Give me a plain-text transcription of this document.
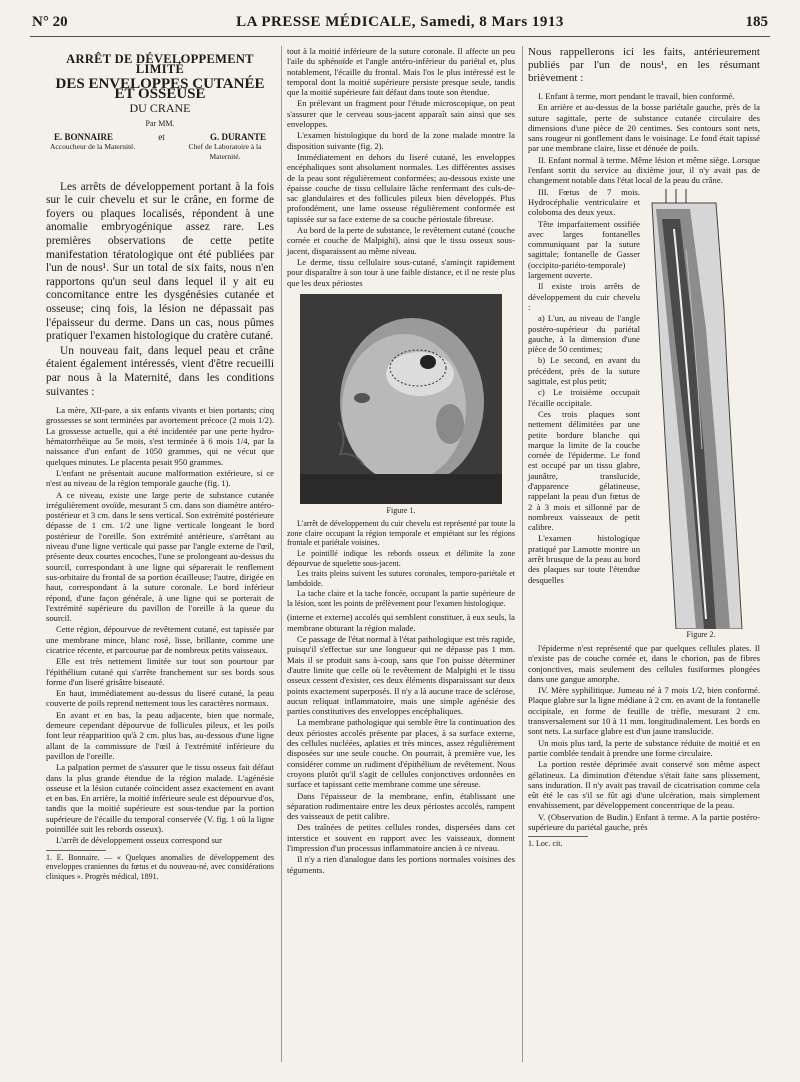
N° 20	LA PRESSE MÉDICALE, Samedi, 8 Mars 1913	185
ARRÊT DE DÉVELOPPEMENT LIMITÉ
DES ENVELOPPES CUTANÉE ET OSSEUSE
DU CRANE
Par MM.
E. BONNAIRE	et	G. DURANTE
Accoucheur de la Maternité.	Chef de Laboratoire à la Maternité.

Les arrêts de développement portant à la fois sur le cuir chevelu et sur le crâne, en forme de foyers ou plaques localisés, répondent à une anomalie embryogénique assez rare. Les premières observations de cette petite manifestation tératologique ont été publiées par l'un de nous¹. Sur un total de six faits, nous n'en rapportons qu'un seul dans lequel il y ait eu concomitance entre les dysgénésies cutanée et osseuse; cinq fois, la lésion ne dépassait pas l'épaisseur du derme. Dans un cas, nous pûmes pratiquer l'examen histologique du cratère cutané.

Un nouveau fait, dans lequel peau et crâne étaient également intéressés, vient d'être recueilli par nous à la Maternité, dans les conditions suivantes :

La mère, XII-pare, a six enfants vivants et bien portants; cinq grossesses se sont terminées par avortement précoce (2 mois 1/2). La grossesse actuelle, qui a été incidentée par une perte hydro-hématorrhéique au 5e mois, s'est terminée à 6 mois 1/4, par la naissance d'un enfant de 1050 grammes, qui ne vécut que quelques minutes. Le placenta pesait 950 grammes.

L'enfant ne présentait aucune malformation extérieure, si ce n'est au niveau de la région temporale gauche (fig. 1).

A ce niveau, existe une large perte de substance cutanée irrégulièrement ovoïde, mesurant 5 cm. dans son diamètre antéro-postérieur et 3 cm. dans le sens vertical. Son extrémité postérieure dépasse de 1 cm. 1/2 une ligne verticale longeant le bord postérieur de l'oreille. Son extrémité antérieure, s'arrêtant au niveau d'une ligne verticale qui passe par l'angle externe de l'œil, présente deux courtes encoches, l'une se prolongeant au-dessus du sourcil, correspondant à une ligne qui séparerait le renflement sus-orbitaire du frontal de sa portion écailleuse; l'autre, dirigée en haut, correspondant à la suture coronale. Le bord inférieur répond, d'une façon générale, à une ligne qui se porterait de l'extrémité supérieure du pavillon de l'oreille à la queue du sourcil.

Cette région, dépourvue de revêtement cutané, est tapissée par une membrane mince, blanc rosé, lisse, brillante, comme une cicatrice récente, et parcourue par de nombreux petits vaisseaux.

Elle est très nettement limitée sur tout son pourtour par l'épithélium cutané qui s'arrête franchement sur ses bords sous forme d'un liseré grisâtre biseauté.

En haut, immédiatement au-dessus du liseré cutané, la peau couverte de poils reprend nettement tous les caractères normaux.

En avant et en bas, la peau adjacente, bien que normale, demeure cependant dépourvue de follicules pileux, et les poils font leur réapparition qu'à 2 cm. plus bas, au-dessous d'une ligne allant de la commissure de l'œil à l'extrémité inférieure du pavillon de l'oreille.

La palpation permet de s'assurer que le tissu osseux fait défaut dans la plus grande étendue de la région malade. L'agénésie osseuse et la lésion cutanée coïncident assez exactement en avant et en bas. En arrière, la moitié inférieure seule est dépourvue d'os, tandis que la moitié supérieure est sous-tendue par la portion supérieure de l'écaille du temporal conservée (V. fig. 1 où la ligne pointillée suit les rebords osseux).

L'arrêt de développement osseux correspond sur

1. E. Bonnaire. — « Quelques anomalies de développement des enveloppes craniennes du fœtus et du nouveau-né, avec considérations cliniques ». Progrès médical, 1891.

tout à la moitié inférieure de la suture coronale. Il affecte un peu l'aile du sphénoïde et l'angle antéro-inférieur du pariétal et, plus notablement, l'écaille du frontal. Mais l'os le plus intéressé est le temporal dont la moitié supérieure persiste presque seule, tandis que la moitié supérieure fait défaut dans toute son étendue.

En prélevant un fragment pour l'étude microscopique, on peut s'assurer que le cerveau sous-jacent apparaît sain ainsi que ses enveloppes.

L'examen histologique du bord de la zone malade montre la disposition suivante (fig. 2).

Immédiatement en dehors du liseré cutané, les enveloppes encéphaliques sont absolument normales. Les différentes assises de la peau sont régulièrement conformées; au-dessous existe une épaisse couche de tissu cellulaire lâche renfermant des culs-de-sac glandulaires et des follicules pileux bien développés. Plus profondément, une lame osseuse régulièrement conformée est tapissée sur sa face externe de sa couche périostale fibreuse.

Au bord de la perte de substance, le revêtement cutané (couche cornée et couche de Malpighi), ainsi que le tissu osseux sous-jacent, disparaissent au même niveau.

Le derme, tissu cellulaire sous-cutané, s'aminçit rapidement pour disparaître à son tour à une faible distance, et il ne reste plus que les deux périostes

Figure 1.

L'arrêt de développement du cuir chevelu est représenté par toute la zone claire occupant la région temporale et empiétant sur les régions frontale et pariétale voisines.

Le pointillé indique les rebords osseux et délimite la zone dépourvue de squelette sous-jacent.

Les traits pleins suivent les sutures coronales, temporo-pariétale et lambdoïde.

La tache claire et la tache foncée, occupant la partie supérieure de la lésion, sont les points de prélèvement pour l'examen histologique.

(interne et externe) accolés qui semblent constituer, à eux seuls, la membrane obturant la région malade.

Ce passage de l'état normal à l'état pathologique est très rapide, puisqu'il s'effectue sur une longueur qui ne dépasse pas 1 mm. Mais il se produit sans à-coup, sans que l'on puisse déterminer d'autre limite que celle où le revêtement de Malpighi et le tissu osseux cessent d'exister, ces deux éléments disparaissant sur deux points exactement superposés. Il n'y a là aucune trace de sclérose, aucun reliquat inflammatoire, mais une simple agénésie des parties constitutives des enveloppes encéphaliques.

La membrane pathologique qui semble être la continuation des deux périostes accolés présente par places, à sa surface externe, des cellules nucléées, aplaties et très minces, assez régulièrement disposées sur une seule couche. On pourrait, à première vue, les considérer comme un rudiment d'épithélium de revêtement. Nous croyons plutôt qu'il s'agit de cellules conjonctives ordonnées en surface et tapissant cette membrane comme une séreuse.

Dans l'épaisseur de la membrane, enfin, établissant une séparation rudimentaire entre les deux périostes accolés, rampent des vaisseaux de petit calibre.

Des traînées de petites cellules rondes, dispersées dans cet interstice et souvent en rapport avec les vaisseaux, donnent l'impression d'un processus inflammatoire ancien à ce niveau.

Il n'y a rien d'analogue dans les portions normales voisines des téguments.

Nous rappellerons ici les faits, antérieurement publiés par l'un de nous¹, en les résumant brièvement :

I. Enfant à terme, mort pendant le travail, bien conformé.

En arrière et au-dessus de la bosse pariétale gauche, près de la suture sagittale, perte de substance cutanée circulaire des dimensions d'une pièce de 20 centimes. Ses contours sont nets, sans rougeur ni gonflement dans le voisinage. Le fond était tapissé par une membrane claire, lisse et dénuée de poils.

II. Enfant normal à terme. Même lésion et même siège. Lorsque l'enfant sortit du service au dixième jour, il n'y avait pas de changement notable dans l'état local de la peau du crâne.

III. Fœtus de 7 mois. Hydrocéphalie ventriculaire et coloboma des deux yeux.

Tête imparfaitement ossifiée avec larges fontanelles communiquant par la suture sagittale; fontanelle de Gasser (occipito-pariéto-temporale) largement ouverte.

Il existe trois arrêts de développement du cuir chevelu :

a) L'un, au niveau de l'angle postéro-supérieur du pariétal gauche, à la dimension d'une pièce de 50 centimes;

b) Le second, en avant du précédent, près de la suture sagittale, est plus petit;

c) Le troisième occupait l'écaille occipitale.

Ces trois plaques sont nettement délimitées par une petite bordure blanche qui marque la limite de la couche cornée de l'épiderme. Le fond est occupé par un tissu glabre, jaunâtre, translucide, d'apparence gélatineuse, rappelant la peau d'un fœtus de 2 à 3 mois et sillonné par de nombreux vaisseaux de petit calibre.

L'examen histologique pratiqué par Lamotte montre un arrêt brusque de la peau au bord des plaques sur toute l'étendue desquelles

Figure 2.

l'épiderme n'est représenté que par quelques cellules plates. Il n'existe pas de couche cornée et, dans le chorion, pas de fibres conjonctives, mais seulement des cellules fusiformes plongées dans une gangue amorphe.

IV. Mère syphilitique. Jumeau né à 7 mois 1/2, bien conformé. Plaque glabre sur la ligne médiane à 2 cm. en avant de la fontanelle occipitale, en forme de feuille de trèfle, mesurant 2 cm. transversalement sur 10 à 11 mm. longitudinalement. Les bords en sont nets. La surface glabre est d'un jaune translucide.

Un mois plus tard, la perte de substance réduite de moitié et en partie comblée tendait à prendre une forme circulaire.

La portion restée déprimée avait conservé son même aspect gélatineux. La diminution d'étendue s'était faite sans plissement, sans induration. Il n'y avait pas travail de cicatrisation comme cela eût été le cas s'il se fût agi d'une ulcération, mais simplement envahissement, par développement concentrique de la peau.

V. (Observation de Budin.) Enfant à terme. A la partie postéro-supérieure du pariétal gauche, près

1. Loc. cit.
